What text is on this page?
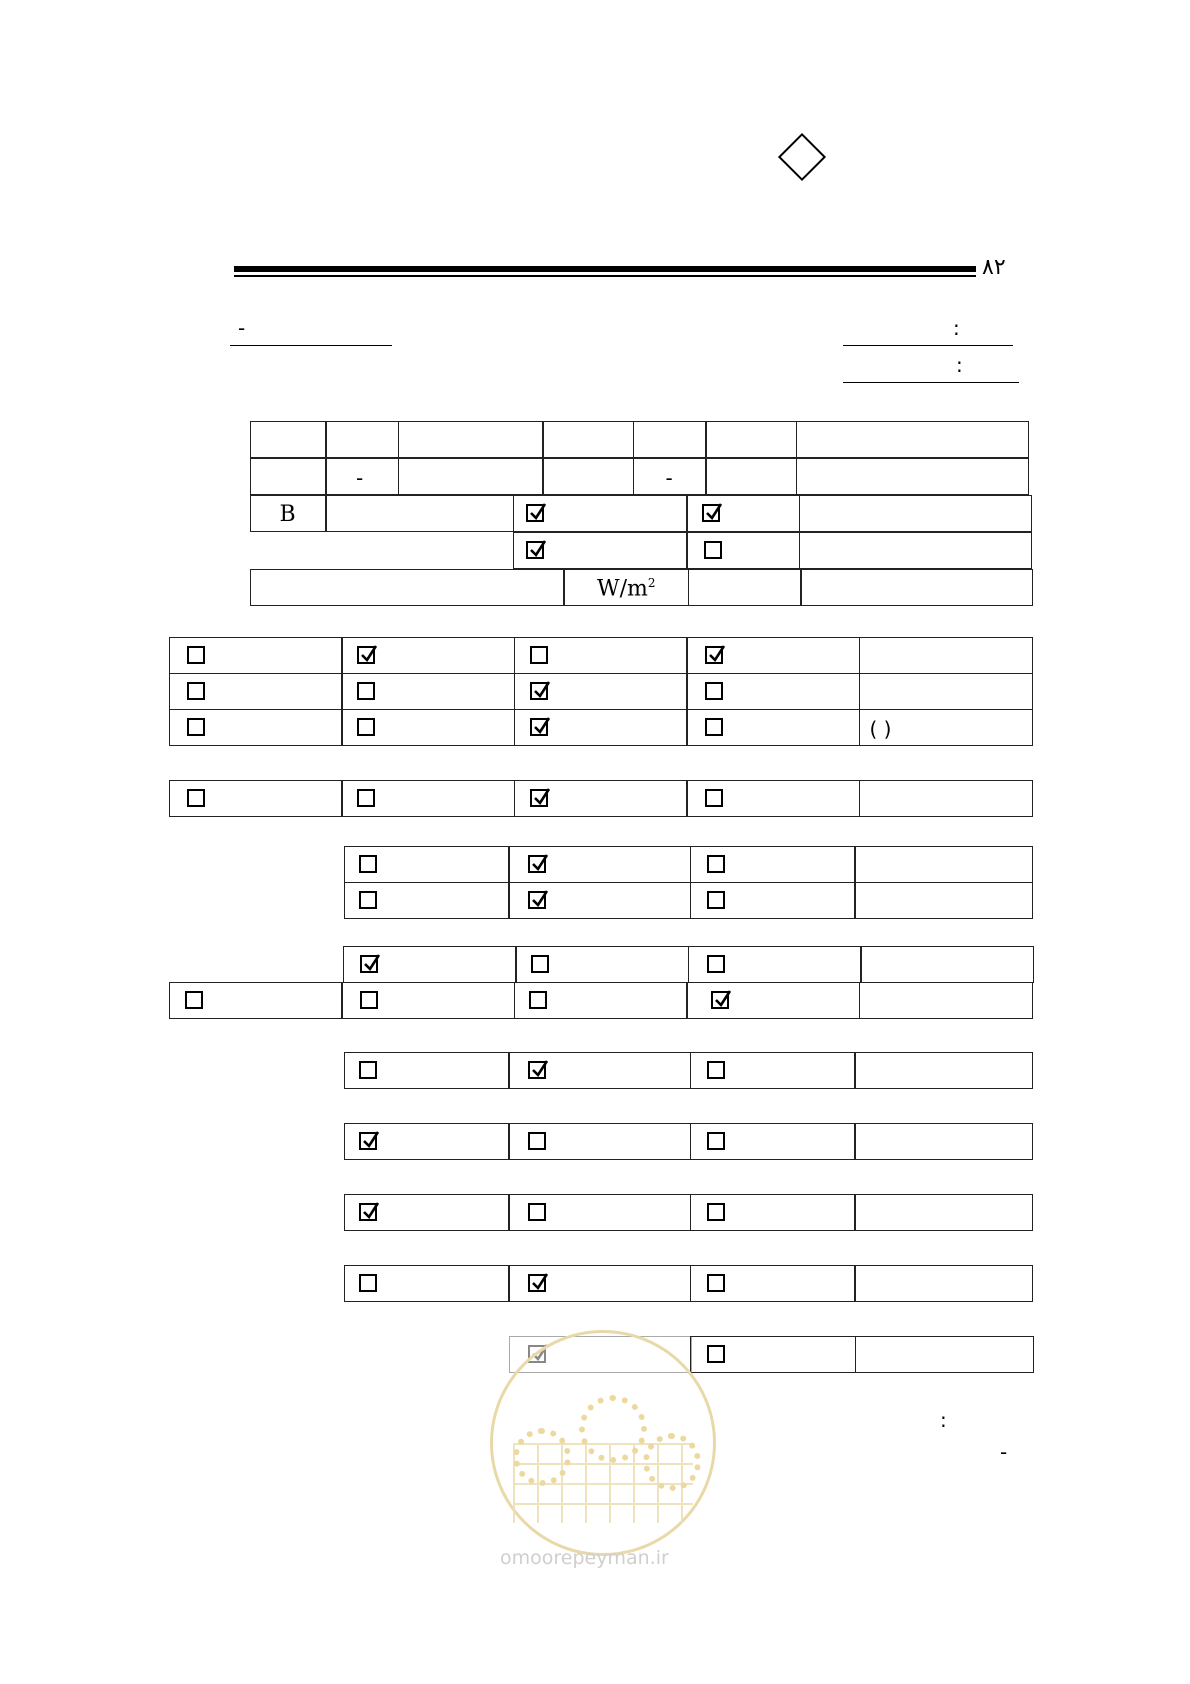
۸۲
-	:
:
-	-
B
$W/m^2$
( )
:
-
omoorepeyman.ir
